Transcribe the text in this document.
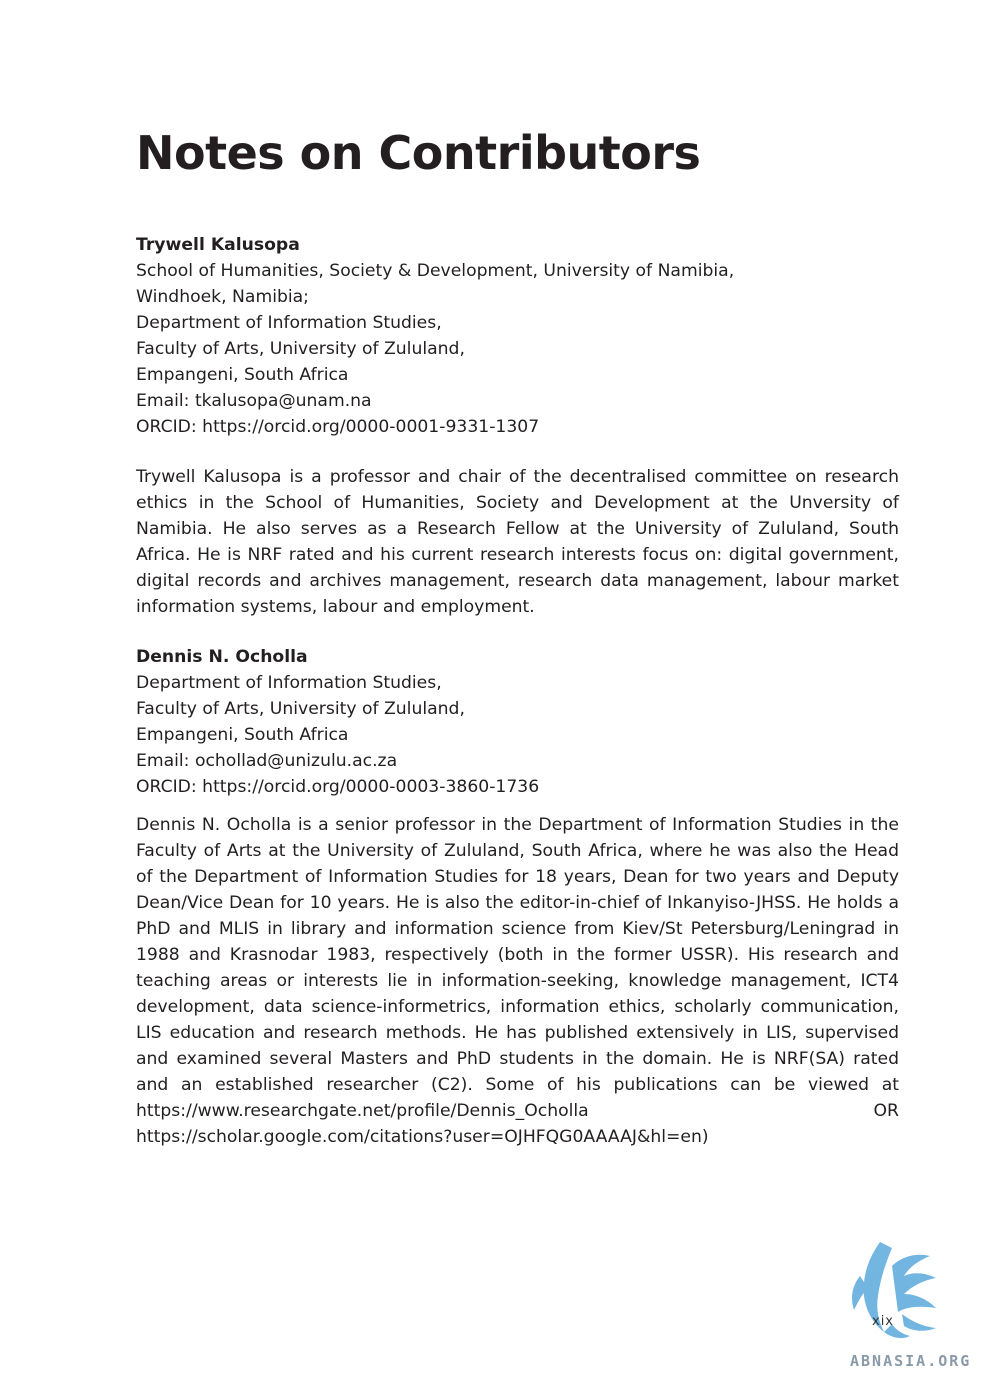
Notes on Contributors
Trywell Kalusopa
School of Humanities, Society & Development, University of Namibia,
Windhoek, Namibia;
Department of Information Studies,
Faculty of Arts, University of Zululand,
Empangeni, South Africa
Email: tkalusopa@unam.na
ORCID: https://orcid.org/0000-0001-9331-1307

Trywell Kalusopa is a professor and chair of the decentralised committee on research ethics in the School of Humanities, Society and Development at the Unversity of Namibia. He also serves as a Research Fellow at the University of Zululand, South Africa. He is NRF rated and his current research interests focus on: digital government, digital records and archives management, research data management, labour market information systems, labour and employment.

Dennis N. Ocholla
Department of Information Studies,
Faculty of Arts, University of Zululand,
Empangeni, South Africa
Email: ochollad@unizulu.ac.za
ORCID: https://orcid.org/0000-0003-3860-1736

Dennis N. Ocholla is a senior professor in the Department of Information Studies in the Faculty of Arts at the University of Zululand, South Africa, where he was also the Head of the Department of Information Studies for 18 years, Dean for two years and Deputy Dean/Vice Dean for 10 years. He is also the editor-in-chief of Inkanyiso-JHSS. He holds a PhD and MLIS in library and information science from Kiev/St Petersburg/Leningrad in 1988 and Krasnodar 1983, respectively (both in the former USSR). His research and teaching areas or interests lie in information-seeking, knowledge management, ICT4 development, data science-informetrics, information ethics, scholarly communication, LIS education and research methods. He has published extensively in LIS, supervised and examined several Masters and PhD students in the domain. He is NRF(SA) rated and an established researcher (C2). Some of his publications can be viewed at https://www.researchgate.net/profile/Dennis_Ocholla OR https://scholar.google.com/citations?user=OJHFQG0AAAAJ&hl=en)

xix
ABNASIA.ORG
